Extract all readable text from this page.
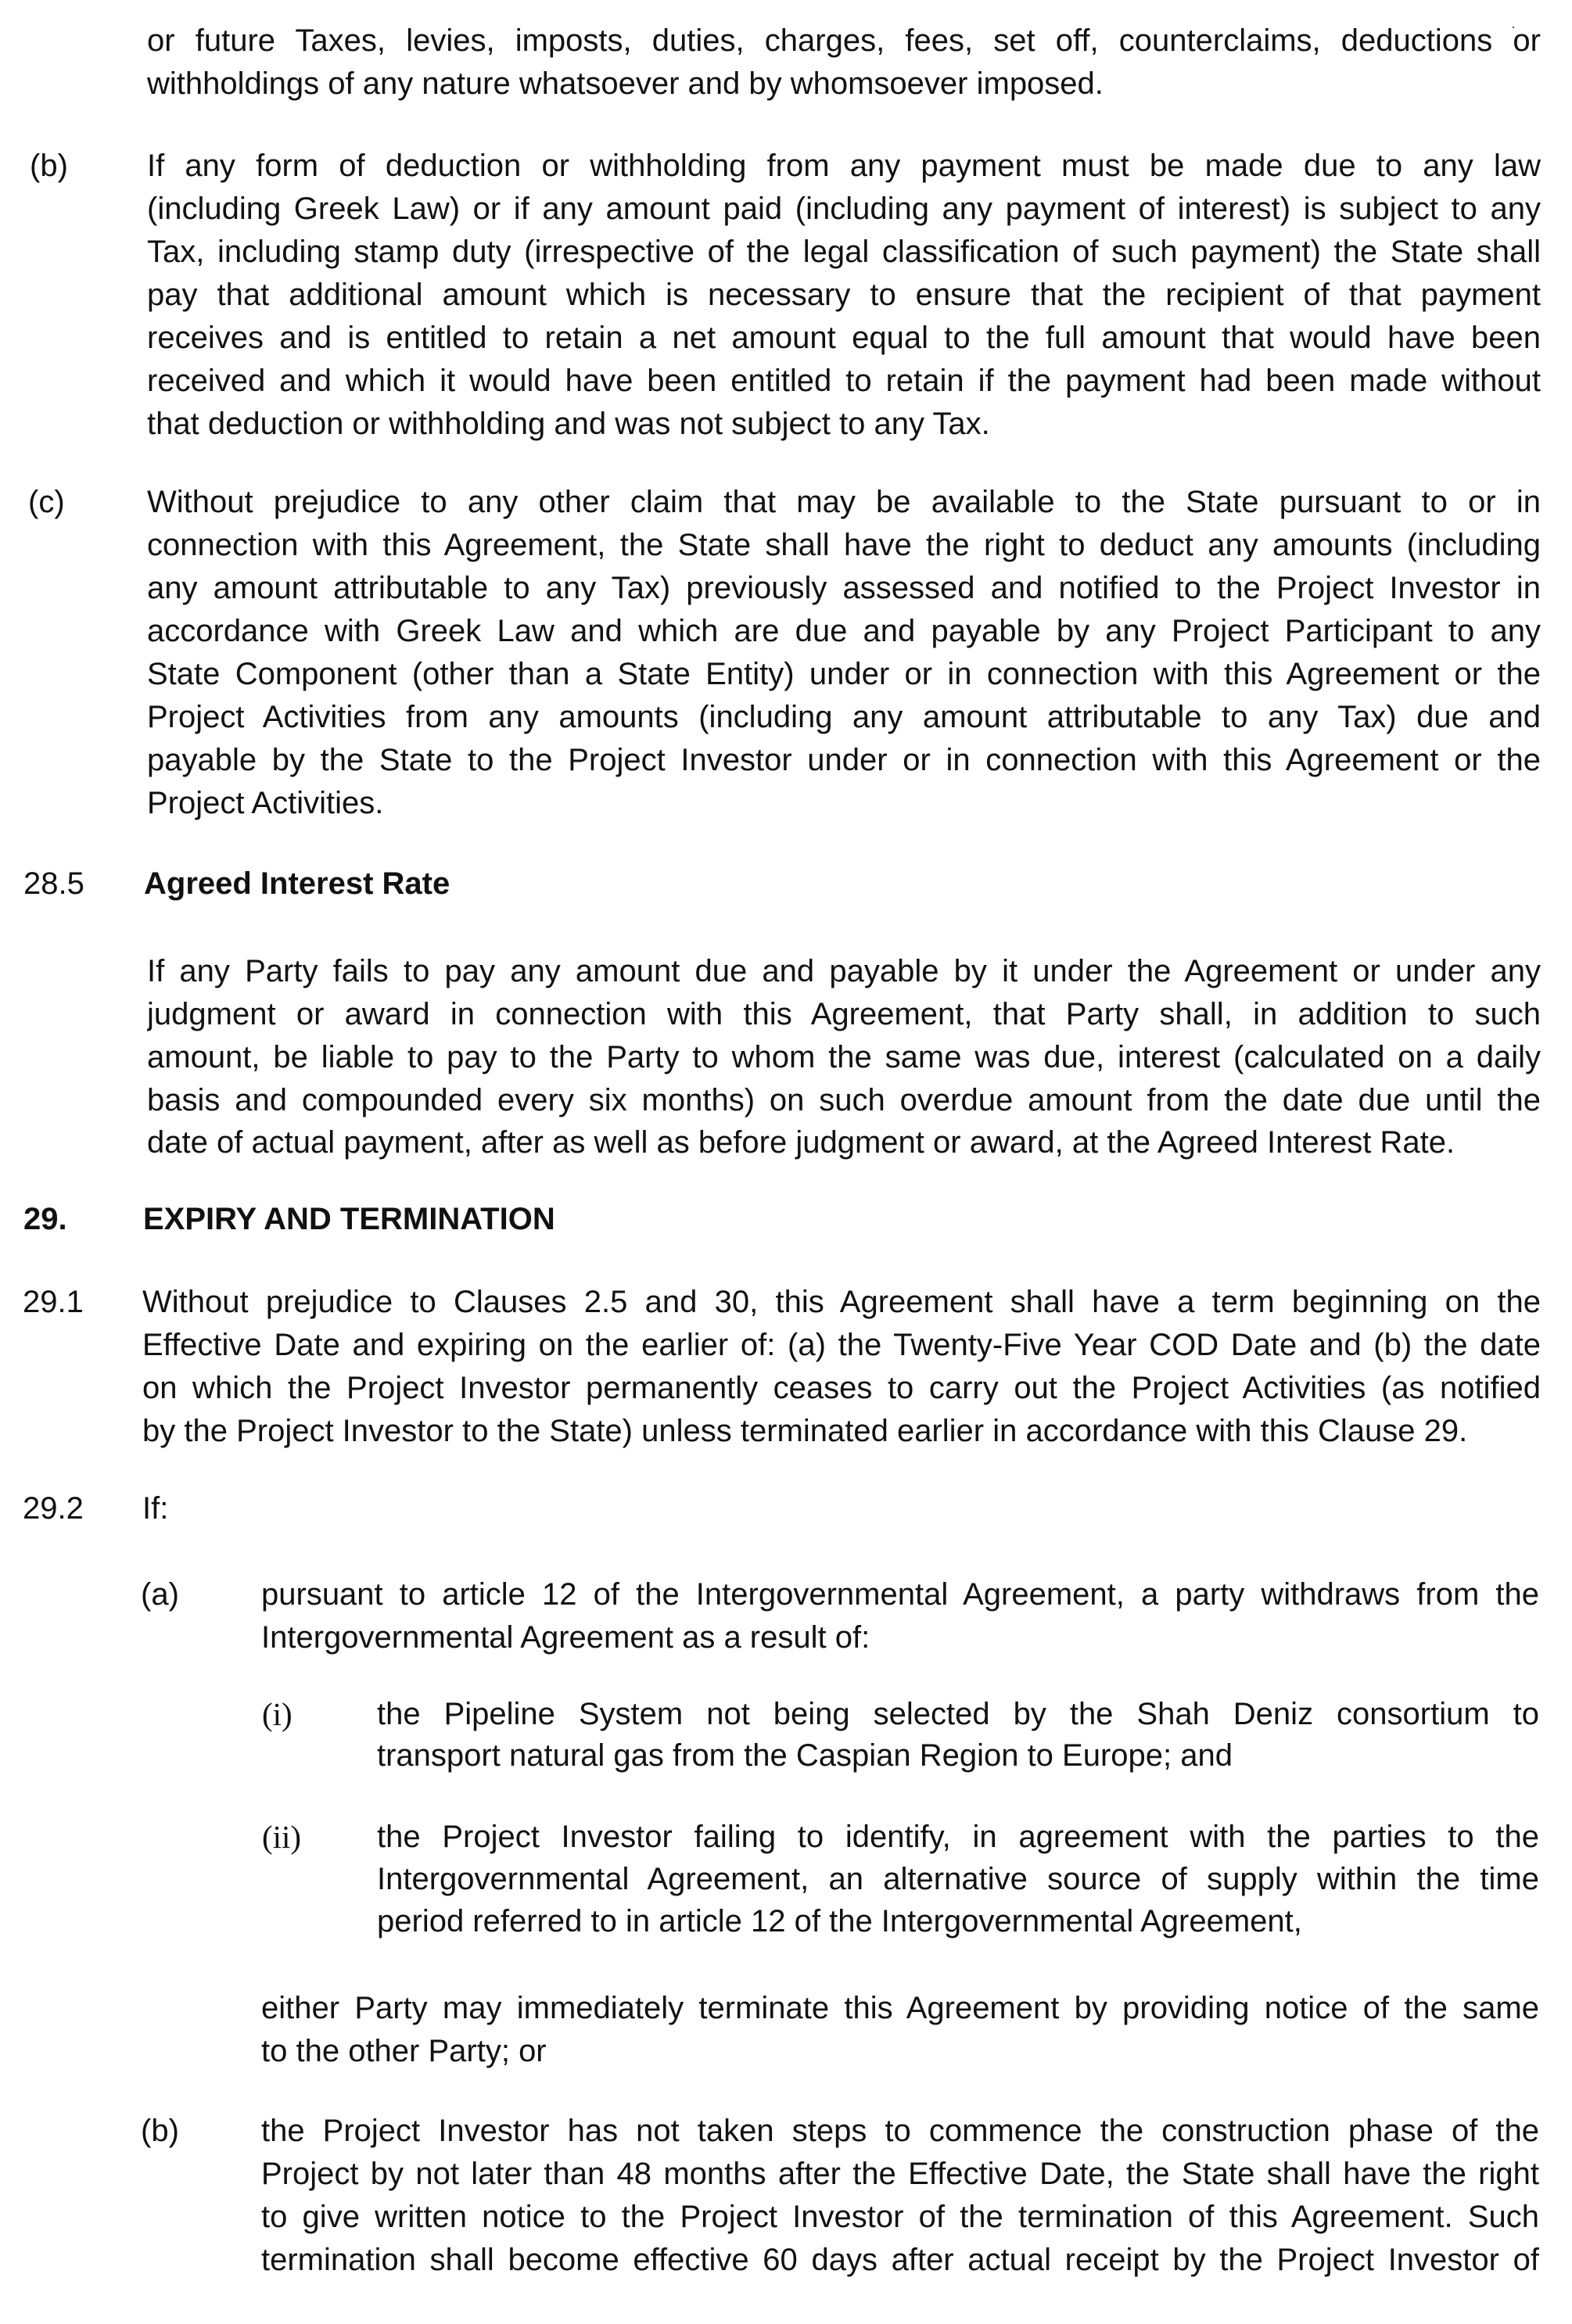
or future Taxes, levies, imposts, duties, charges, fees, set off, counterclaims, deductions or
withholdings of any nature whatsoever and by whomsoever imposed.
(b)	If any form of deduction or withholding from any payment must be made due to any law
(including Greek Law) or if any amount paid (including any payment of interest) is subject to any
Tax, including stamp duty (irrespective of the legal classification of such payment) the State shall
pay that additional amount which is necessary to ensure that the recipient of that payment
receives and is entitled to retain a net amount equal to the full amount that would have been
received and which it would have been entitled to retain if the payment had been made without
that deduction or withholding and was not subject to any Tax.
(c)	Without prejudice to any other claim that may be available to the State pursuant to or in
connection with this Agreement, the State shall have the right to deduct any amounts (including
any amount attributable to any Tax) previously assessed and notified to the Project Investor in
accordance with Greek Law and which are due and payable by any Project Participant to any
State Component (other than a State Entity) under or in connection with this Agreement or the
Project Activities from any amounts (including any amount attributable to any Tax) due and
payable by the State to the Project Investor under or in connection with this Agreement or the
Project Activities.
28.5 Agreed Interest Rate
If any Party fails to pay any amount due and payable by it under the Agreement or under any
judgment or award in connection with this Agreement, that Party shall, in addition to such
amount, be liable to pay to the Party to whom the same was due, interest (calculated on a daily
basis and compounded every six months) on such overdue amount from the date due until the
date of actual payment, after as well as before judgment or award, at the Agreed Interest Rate.
29. EXPIRY AND TERMINATION
29.1 Without prejudice to Clauses 2.5 and 30, this Agreement shall have a term beginning on the
Effective Date and expiring on the earlier of: (a) the Twenty-Five Year COD Date and (b) the date
on which the Project Investor permanently ceases to carry out the Project Activities (as notified
by the Project Investor to the State) unless terminated earlier in accordance with this Clause 29.
29.2 If:
(a)	pursuant to article 12 of the Intergovernmental Agreement, a party withdraws from the
Intergovernmental Agreement as a result of:
(i)	the Pipeline System not being selected by the Shah Deniz consortium to
transport natural gas from the Caspian Region to Europe; and
(ii) the Project Investor failing to identify, in agreement with the parties to the
Intergovernmental Agreement, an alternative source of supply within the time
period referred to in article 12 of the Intergovernmental Agreement,
either Party may immediately terminate this Agreement by providing notice of the same
to the other Party; or
(b)	the Project Investor has not taken steps to commence the construction phase of the
Project by not later than 48 months after the Effective Date, the State shall have the right
to give written notice to the Project Investor of the termination of this Agreement. Such
termination shall become effective 60 days after actual receipt by the Project Investor of
